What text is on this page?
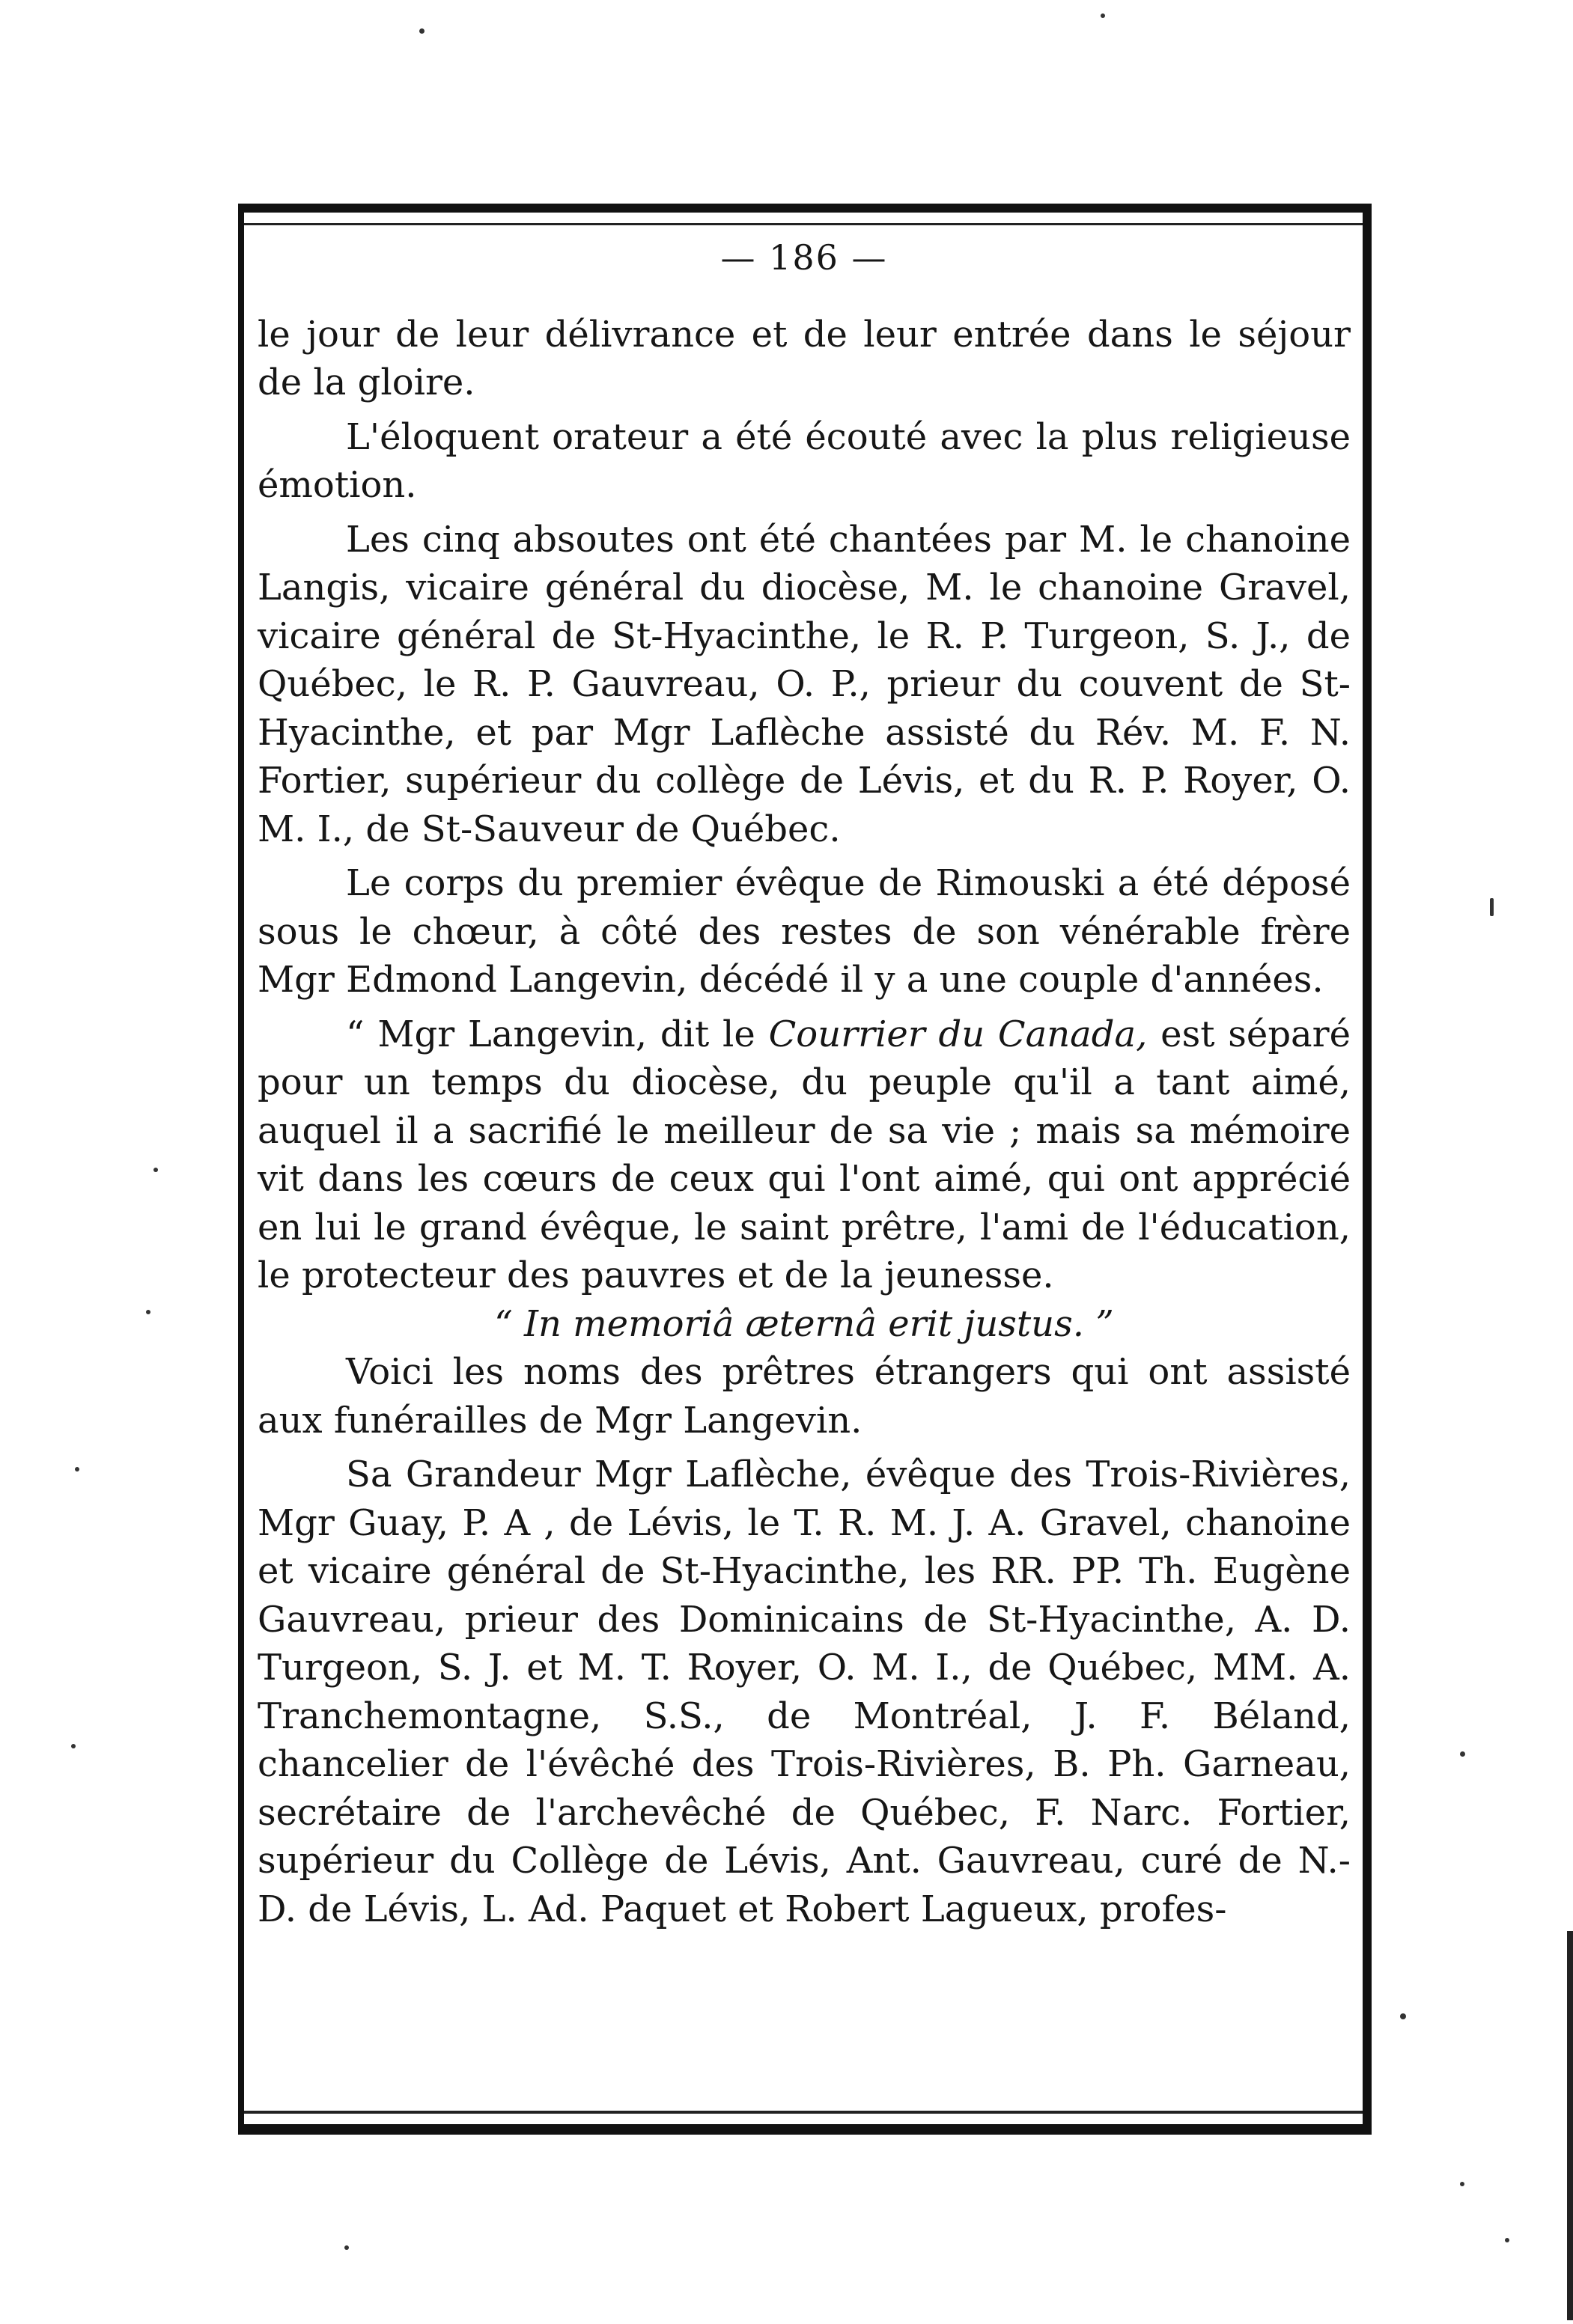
— 186 —

le jour de leur délivrance et de leur entrée dans le séjour de la gloire.

L'éloquent orateur a été écouté avec la plus religieuse émotion.

Les cinq absoutes ont été chantées par M. le chanoine Langis, vicaire général du diocèse, M. le chanoine Gravel, vicaire général de St-Hyacinthe, le R. P. Turgeon, S. J., de Québec, le R. P. Gauvreau, O. P., prieur du couvent de St-Hyacinthe, et par Mgr Laflèche assisté du Rév. M. F. N. Fortier, supérieur du collège de Lévis, et du R. P. Royer, O. M. I., de St-Sauveur de Québec.

Le corps du premier évêque de Rimouski a été déposé sous le chœur, à côté des restes de son vénérable frère Mgr Edmond Langevin, décédé il y a une couple d'années.

“ Mgr Langevin, dit le Courrier du Canada, est séparé pour un temps du diocèse, du peuple qu'il a tant aimé, auquel il a sacrifié le meilleur de sa vie ; mais sa mémoire vit dans les cœurs de ceux qui l'ont aimé, qui ont apprécié en lui le grand évêque, le saint prêtre, l'ami de l'éducation, le protecteur des pauvres et de la jeunesse.

“ In memoriâ æternâ erit justus. ”

Voici les noms des prêtres étrangers qui ont assisté aux funérailles de Mgr Langevin.

Sa Grandeur Mgr Laflèche, évêque des Trois-Rivières, Mgr Guay, P. A , de Lévis, le T. R. M. J. A. Gravel, chanoine et vicaire général de St-Hyacinthe, les RR. PP. Th. Eugène Gauvreau, prieur des Dominicains de St-Hyacinthe, A. D. Turgeon, S. J. et M. T. Royer, O. M. I., de Québec, MM. A. Tranchemontagne, S.S., de Montréal, J. F. Béland, chancelier de l'évêché des Trois-Rivières, B. Ph. Garneau, secrétaire de l'archevêché de Québec, F. Narc. Fortier, supérieur du Collège de Lévis, Ant. Gauvreau, curé de N.-D. de Lévis, L. Ad. Paquet et Robert Lagueux, profes-
